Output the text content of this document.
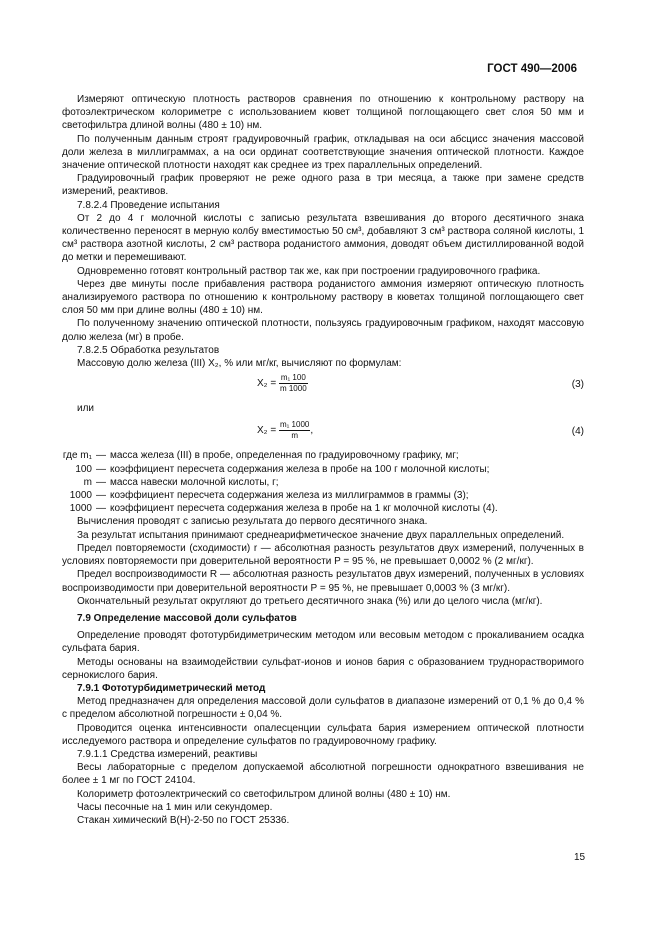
ГОСТ 490—2006

Измеряют оптическую плотность растворов сравнения по отношению к контрольному раствору на фотоэлектрическом колориметре с использованием кювет толщиной поглощающего свет слоя 50 мм и светофильтра длиной волны (480 ± 10) нм.

По полученным данным строят градуировочный график, откладывая на оси абсцисс значения массовой доли железа в миллиграммах, а на оси ординат соответствующие значения оптической плотности. Каждое значение оптической плотности находят как среднее из трех параллельных определений.

Градуировочный график проверяют не реже одного раза в три месяца, а также при замене средств измерений, реактивов.

7.8.2.4 Проведение испытания

От 2 до 4 г молочной кислоты с записью результата взвешивания до второго десятичного знака количественно переносят в мерную колбу вместимостью 50 см³, добавляют 3 см³ раствора соляной кислоты, 1 см³ раствора азотной кислоты, 2 см³ раствора роданистого аммония, доводят объем дистиллированной водой до метки и перемешивают.

Одновременно готовят контрольный раствор так же, как при построении градуировочного графика.

Через две минуты после прибавления раствора роданистого аммония измеряют оптическую плотность анализируемого раствора по отношению к контрольному раствору в кюветах толщиной поглощающего свет слоя 50 мм при длине волны (480 ± 10) нм.

По полученному значению оптической плотности, пользуясь градуировочным графиком, находят массовую долю железа (мг) в пробе.

7.8.2.5 Обработка результатов

Массовую долю железа (III) X₂, % или мг/кг, вычисляют по формулам:

$X_2 = \frac{\text{m₁ 100}}{m 1000}$	(3)

или

$X_2 = \frac{\text{m₁ 1000}}{m}$ ,	(4)

где m₁ — масса железа (III) в пробе, определенная по градуировочному графику, мг;

100 — коэффициент пересчета содержания железа в пробе на 100 г молочной кислоты;

m — масса навески молочной кислоты, г;

1000 — коэффициент пересчета содержания железа из миллиграммов в граммы (3);

1000 — коэффициент пересчета содержания железа в пробе на 1 кг молочной кислоты (4).

Вычисления проводят с записью результата до первого десятичного знака.

За результат испытания принимают среднеарифметическое значение двух параллельных определений.

Предел повторяемости (сходимости) r — абсолютная разность результатов двух измерений, полученных в условиях повторяемости при доверительной вероятности P = 95 %, не превышает 0,0002 % (2 мг/кг).

Предел воспроизводимости R — абсолютная разность результатов двух измерений, полученных в условиях воспроизводимости при доверительной вероятности P = 95 %, не превышает 0,0003 % (3 мг/кг).

Окончательный результат округляют до третьего десятичного знака (%) или до целого числа (мг/кг).

7.9 Определение массовой доли сульфатов

Определение проводят фототурбидиметрическим методом или весовым методом с прокаливанием осадка сульфата бария.

Методы основаны на взаимодействии сульфат-ионов и ионов бария с образованием труднорастворимого сернокислого бария.

7.9.1 Фототурбидиметрический метод

Метод предназначен для определения массовой доли сульфатов в диапазоне измерений от 0,1 % до 0,4 % с пределом абсолютной погрешности ± 0,04 %.

Проводится оценка интенсивности опалесценции сульфата бария измерением оптической плотности исследуемого раствора и определение сульфатов по градуировочному графику.

7.9.1.1 Средства измерений, реактивы

Весы лабораторные с пределом допускаемой абсолютной погрешности однократного взвешивания не более ± 1 мг по ГОСТ 24104.

Колориметр фотоэлектрический со светофильтром длиной волны (480 ± 10) нм.

Часы песочные на 1 мин или секундомер.

Стакан химический В(Н)-2-50 по ГОСТ 25336.

15
